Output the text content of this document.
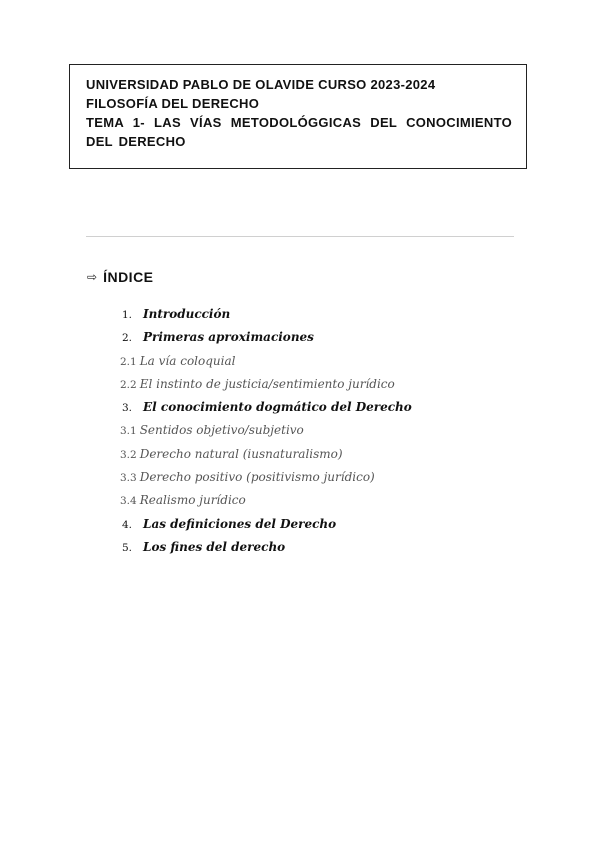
UNIVERSIDAD PABLO DE OLAVIDE CURSO 2023-2024
FILOSOFÍA DEL DERECHO
TEMA 1- LAS VÍAS METODOLÓGGICAS DEL CONOCIMIENTO DEL DERECHO
⇨ ÍNDICE
1. Introducción
2. Primeras aproximaciones
2.1 La vía coloquial
2.2 El instinto de justicia/sentimiento jurídico
3. El conocimiento dogmático del Derecho
3.1 Sentidos objetivo/subjetivo
3.2 Derecho natural (iusnaturalismo)
3.3 Derecho positivo (positivismo jurídico)
3.4 Realismo jurídico
4. Las definiciones del Derecho
5. Los fines del derecho
